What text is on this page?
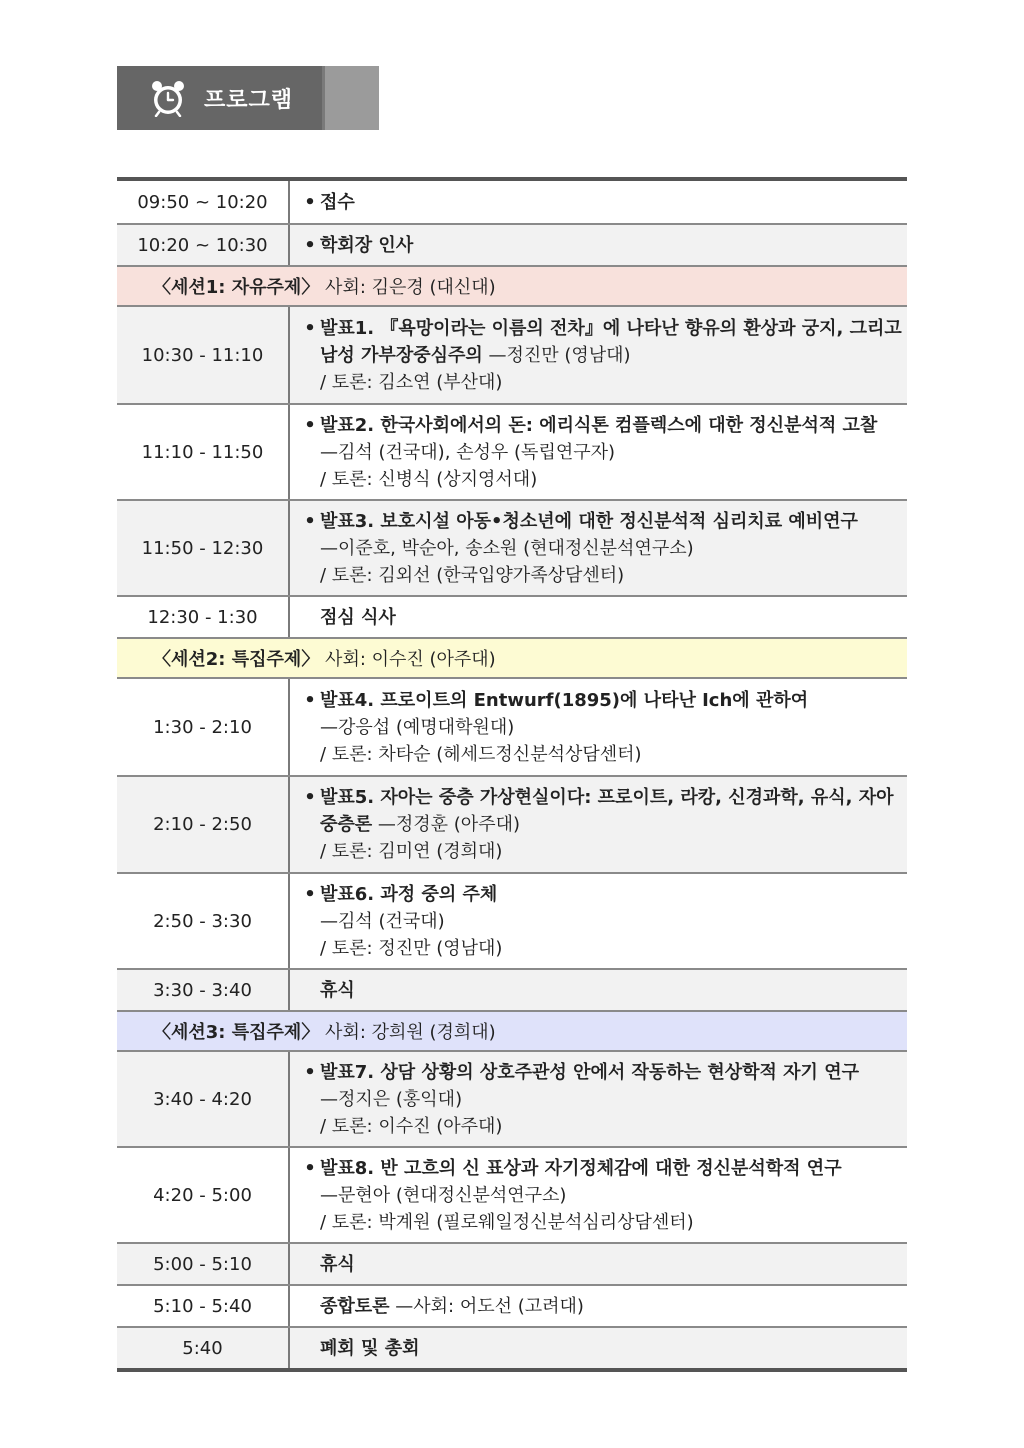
프로그램
09:50 ~ 10:20	• 접수
10:20 ~ 10:30	• 학회장 인사
〈세션1: 자유주제〉 사회: 김은경 (대신대)
10:30 - 11:10
• 발표1. 『욕망이라는 이름의 전차』에 나타난 향유의 환상과 궁지, 그리고
남성 가부장중심주의 —정진만 (영남대)
/ 토론: 김소연 (부산대)
11:10 - 11:50
• 발표2. 한국사회에서의 돈: 에리식톤 컴플렉스에 대한 정신분석적 고찰
—김석 (건국대), 손성우 (독립연구자)
/ 토론: 신병식 (상지영서대)
11:50 - 12:30
• 발표3. 보호시설 아동•청소년에 대한 정신분석적 심리치료 예비연구
—이준호, 박순아, 송소원 (현대정신분석연구소)
/ 토론: 김외선 (한국입양가족상담센터)
12:30 - 1:30	점심 식사
〈세션2: 특집주제〉 사회: 이수진 (아주대)
1:30 - 2:10
• 발표4. 프로이트의 Entwurf(1895)에 나타난 Ich에 관하여
—강응섭 (예명대학원대)
/ 토론: 차타순 (헤세드정신분석상담센터)
2:10 - 2:50
• 발표5. 자아는 중층 가상현실이다: 프로이트, 라캉, 신경과학, 유식, 자아
중층론 —정경훈 (아주대)
/ 토론: 김미연 (경희대)
2:50 - 3:30
• 발표6. 과정 중의 주체
—김석 (건국대)
/ 토론: 정진만 (영남대)
3:30 - 3:40	휴식
〈세션3: 특집주제〉 사회: 강희원 (경희대)
3:40 - 4:20
• 발표7. 상담 상황의 상호주관성 안에서 작동하는 현상학적 자기 연구
—정지은 (홍익대)
/ 토론: 이수진 (아주대)
4:20 - 5:00
• 발표8. 반 고흐의 신 표상과 자기정체감에 대한 정신분석학적 연구
—문현아 (현대정신분석연구소)
/ 토론: 박계원 (필로웨일정신분석심리상담센터)
5:00 - 5:10	휴식
5:10 - 5:40	종합토론 —사회: 어도선 (고려대)
5:40	폐회 및 총회
